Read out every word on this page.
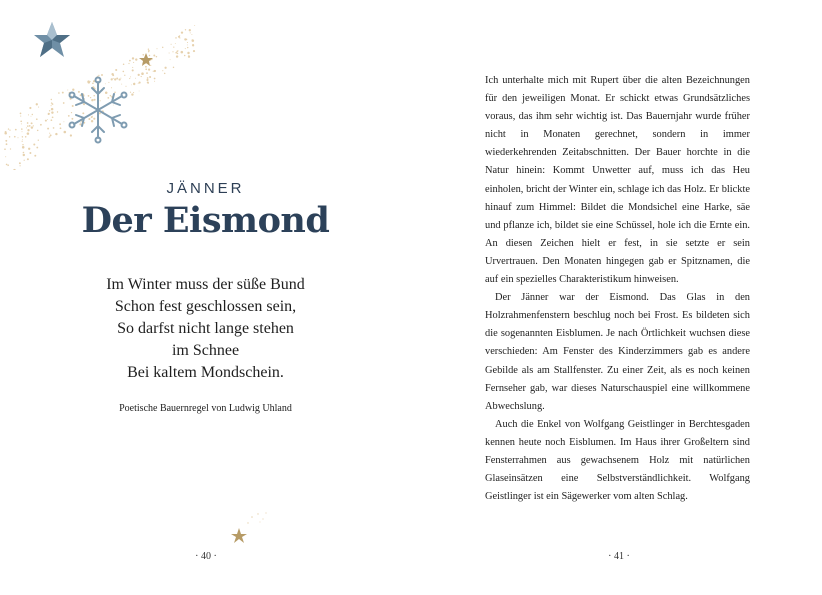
JÄNNER
Der Eismond
Im Winter muss der süße Bund
Schon fest geschlossen sein,
So darfst nicht lange stehen
im Schnee
Bei kaltem Mondschein.
Poetische Bauernregel von Ludwig Uhland
· 40 ·

Ich unterhalte mich mit Rupert über die alten Bezeichnungen für den jeweiligen Monat. Er schickt etwas Grundsätzliches voraus, das ihm sehr wichtig ist. Das Bauernjahr wurde früher nicht in Monaten gerechnet, sondern in immer wiederkehrenden Zeitabschnitten. Der Bauer horchte in die Natur hinein: Kommt Unwetter auf, muss ich das Heu einholen, bricht der Winter ein, schlage ich das Holz. Er blickte hinauf zum Himmel: Bildet die Mondsichel eine Harke, säe und pflanze ich, bildet sie eine Schüssel, hole ich die Ernte ein. An diesen Zeichen hielt er fest, in sie setzte er sein Urvertrauen. Den Monaten hingegen gab er Spitznamen, die auf ein spezielles Charakteristikum hinweisen.

Der Jänner war der Eismond. Das Glas in den Holzrahmenfenstern beschlug noch bei Frost. Es bildeten sich die sogenannten Eisblumen. Je nach Örtlichkeit wuchsen diese verschieden: Am Fenster des Kinderzimmers gab es andere Gebilde als am Stallfenster. Zu einer Zeit, als es noch keinen Fernseher gab, war dieses Naturschauspiel eine willkommene Abwechslung.

Auch die Enkel von Wolfgang Geistlinger in Berchtesgaden kennen heute noch Eisblumen. Im Haus ihrer Großeltern sind Fensterrahmen aus gewachsenem Holz mit natürlichen Glaseinsätzen eine Selbstverständlichkeit. Wolfgang Geistlinger ist ein Sägewerker vom alten Schlag.

· 41 ·
